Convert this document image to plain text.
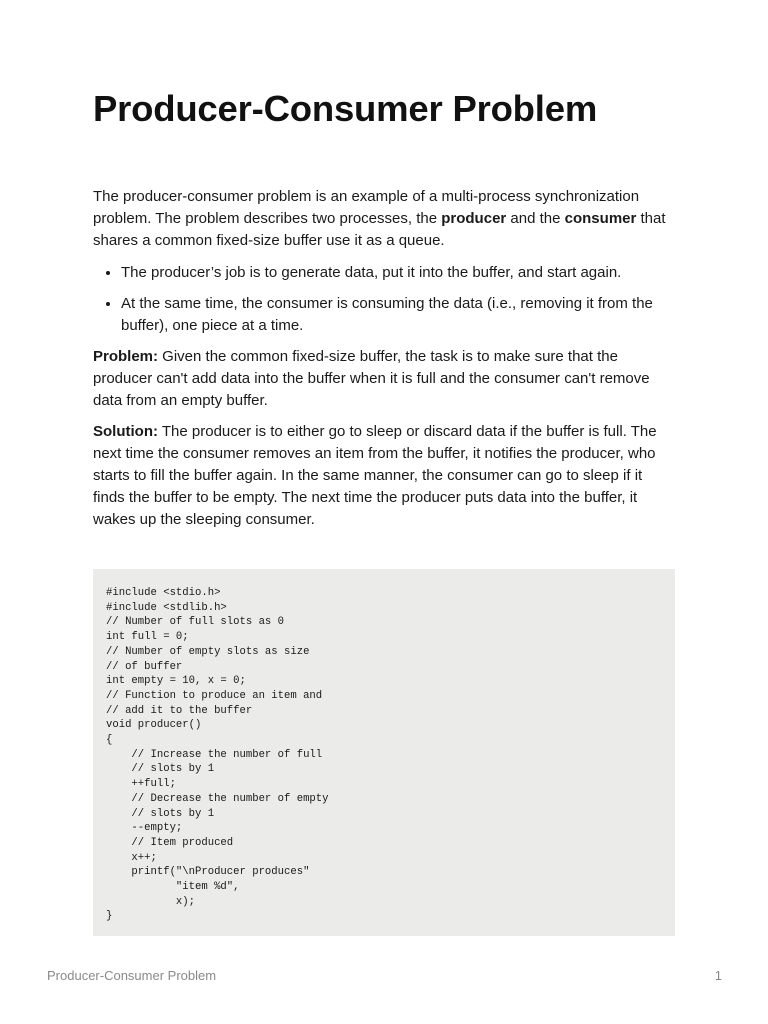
Producer-Consumer Problem

The producer-consumer problem is an example of a multi-process synchronization problem. The problem describes two processes, the producer and the consumer that shares a common fixed-size buffer use it as a queue.

• The producer’s job is to generate data, put it into the buffer, and start again.
• At the same time, the consumer is consuming the data (i.e., removing it from the buffer), one piece at a time.

Problem: Given the common fixed-size buffer, the task is to make sure that the producer can't add data into the buffer when it is full and the consumer can't remove data from an empty buffer.

Solution: The producer is to either go to sleep or discard data if the buffer is full. The next time the consumer removes an item from the buffer, it notifies the producer, who starts to fill the buffer again. In the same manner, the consumer can go to sleep if it finds the buffer to be empty. The next time the producer puts data into the buffer, it wakes up the sleeping consumer.

#include <stdio.h>
#include <stdlib.h>
// Number of full slots as 0
int full = 0;
// Number of empty slots as size
// of buffer
int empty = 10, x = 0;
// Function to produce an item and
// add it to the buffer
void producer()
{
// Increase the number of full
// slots by 1
++full;
// Decrease the number of empty
// slots by 1
--empty;
// Item produced
x++;
printf("\nProducer produces"
"item %d",
x);
}
Producer-Consumer Problem	1
